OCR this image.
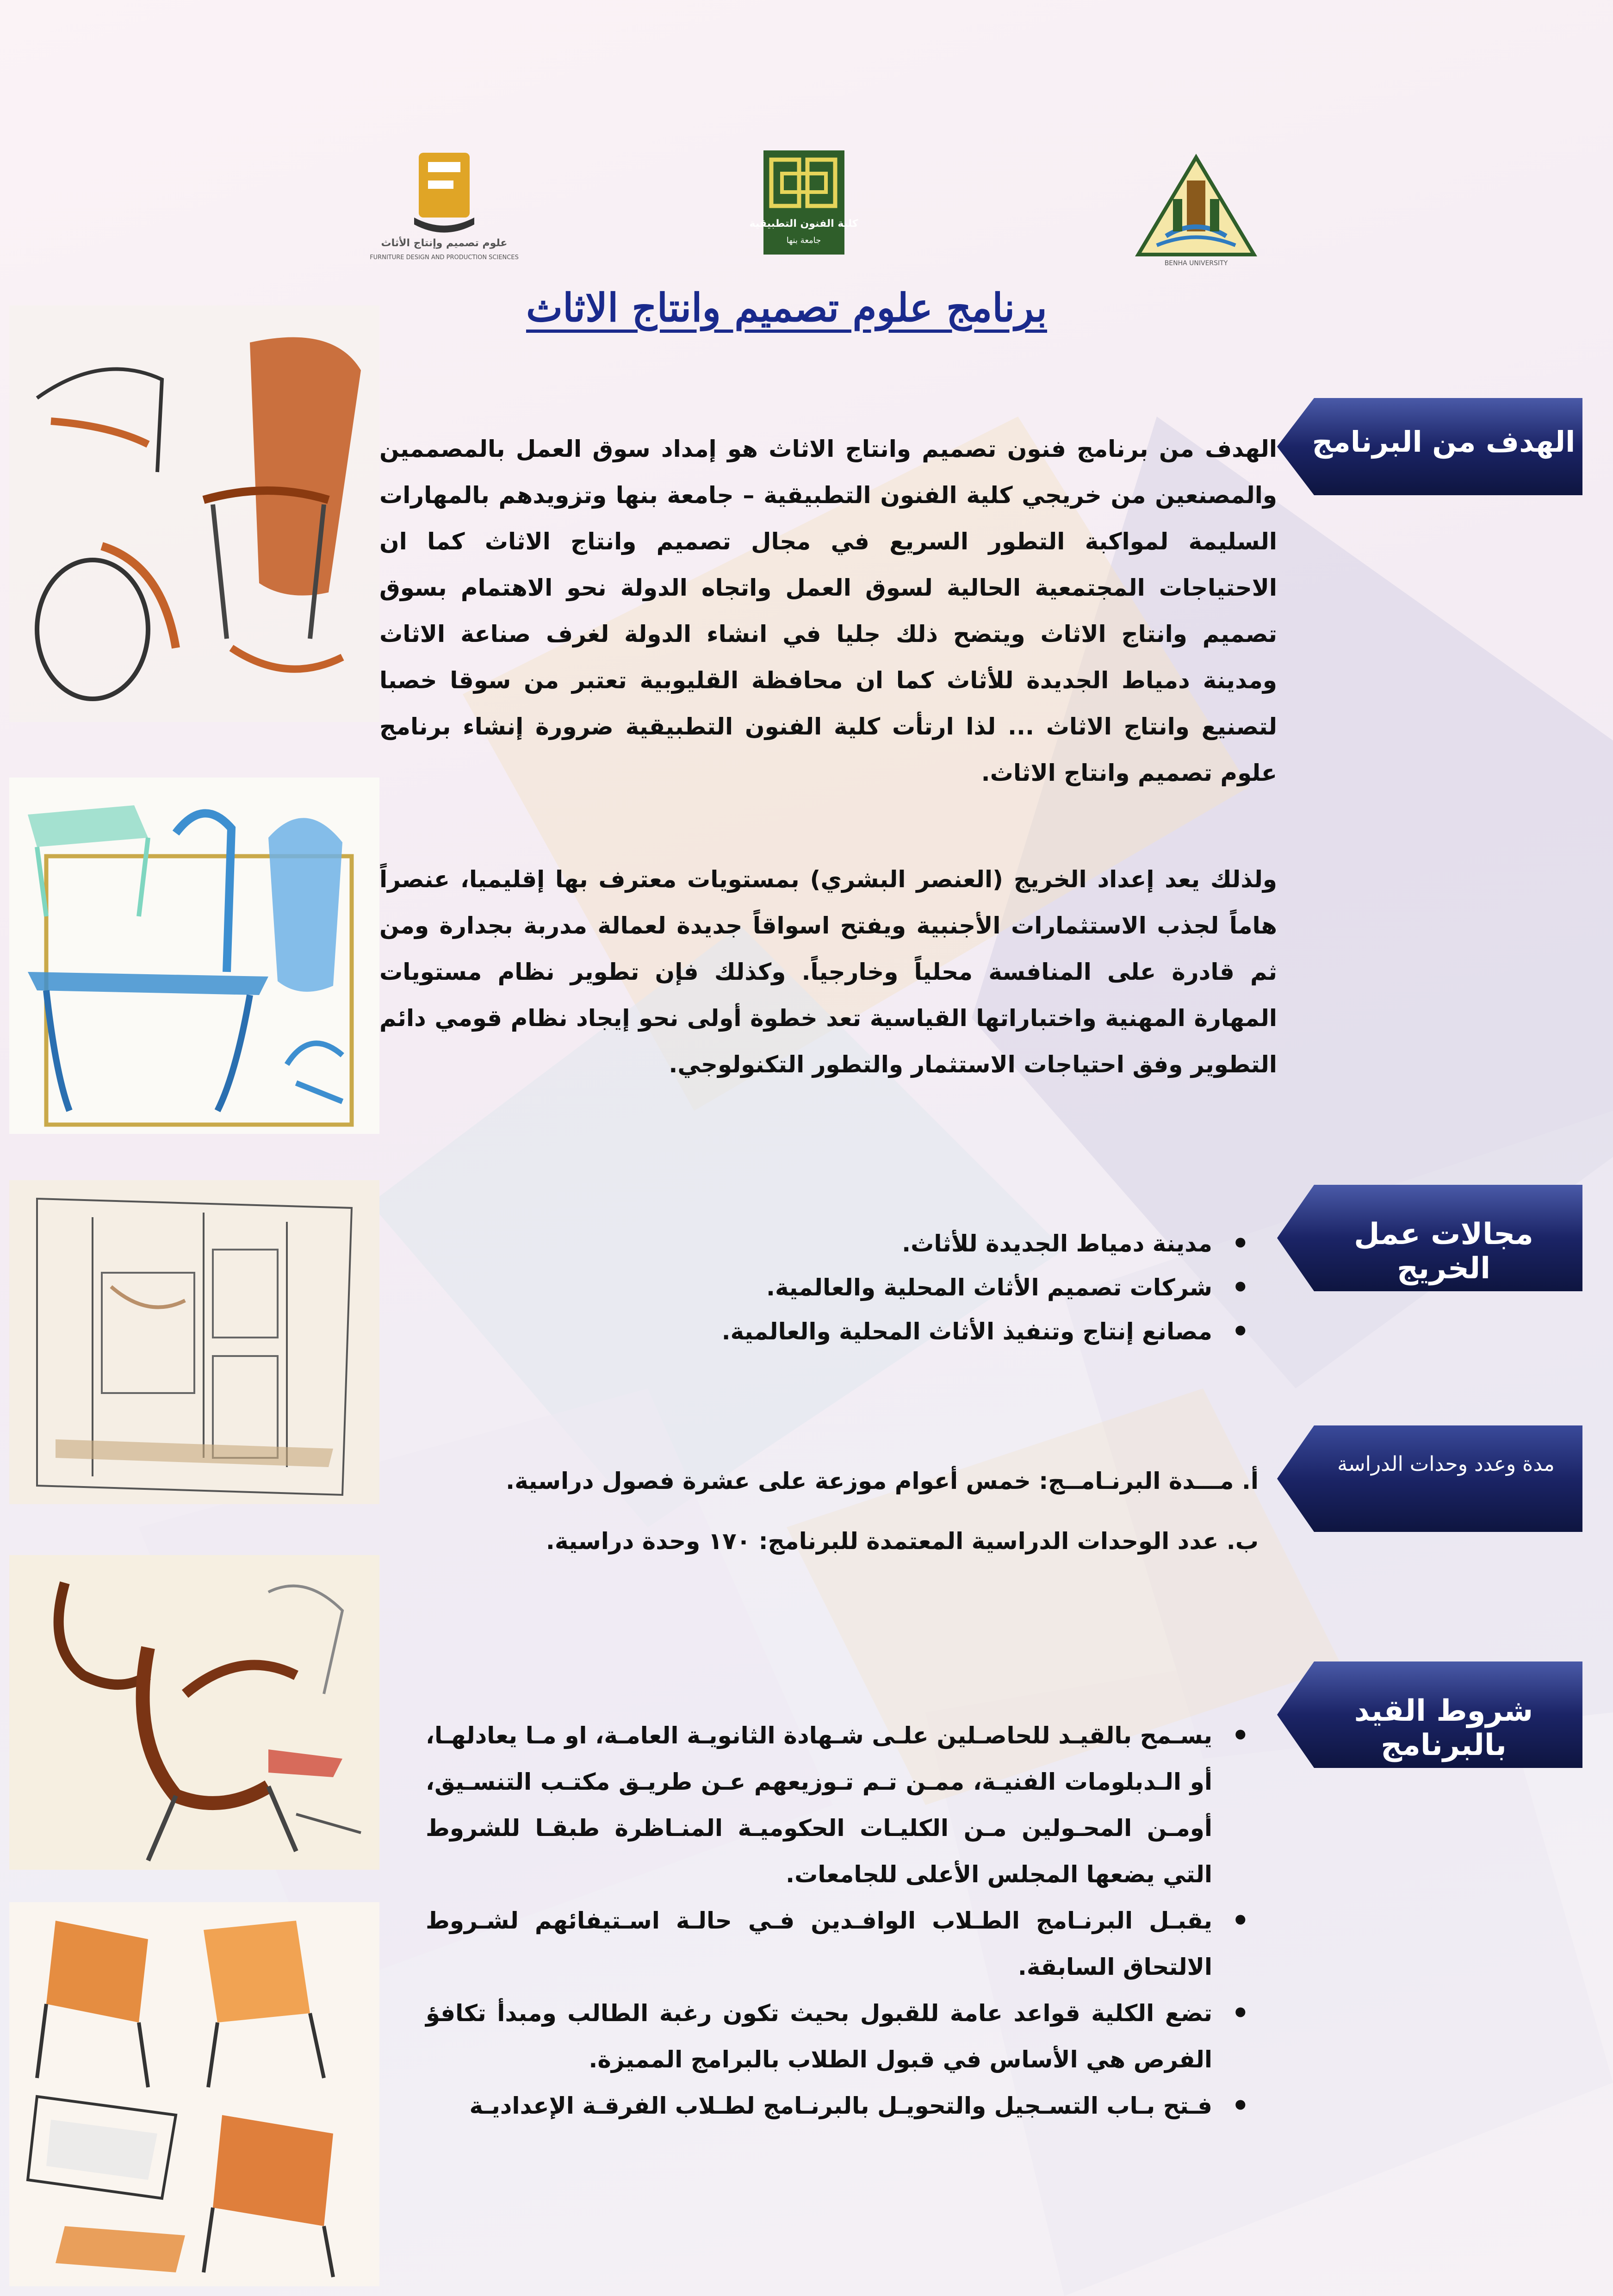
علوم تصميم وإنتاج الأثاث
FURNITURE DESIGN AND PRODUCTION SCIENCES
كلية الفنون التطبيقية
جامعة بنها
BENHA UNIVERSITY
برنامج علوم تصميم وانتاج الاثاث
الهدف من البرنامج
الهدف من برنامج فنون تصميم وانتاج الاثاث هو إمداد سوق العمل بالمصممين والمصنعين من خريجي كلية الفنون التطبيقية – جامعة بنها وتزويدهم بالمهارات السليمة لمواكبة التطور السريع في مجال تصميم وانتاج الاثاث كما ان الاحتياجات المجتمعية الحالية لسوق العمل واتجاه الدولة نحو الاهتمام بسوق تصميم وانتاج الاثاث ويتضح ذلك جليا في انشاء الدولة لغرف صناعة الاثاث ومدينة دمياط الجديدة للأثاث كما ان محافظة القليوبية تعتبر من سوقا خصبا لتصنيع وانتاج الاثاث ... لذا ارتأت كلية الفنون التطبيقية ضرورة إنشاء برنامج علوم تصميم وانتاج الاثاث.
ولذلك يعد إعداد الخريج (العنصر البشري) بمستويات معترف بها إقليميا، عنصراً هاماً لجذب الاستثمارات الأجنبية ويفتح اسواقاً جديدة لعمالة مدربة بجدارة ومن ثم قادرة على المنافسة محلياً وخارجياً. وكذلك فإن تطوير نظام مستويات المهارة المهنية واختباراتها القياسية تعد خطوة أولى نحو إيجاد نظام قومي دائم التطوير وفق احتياجات الاستثمار والتطور التكنولوجي.
مجالات عمل الخريج
• مدينة دمياط الجديدة للأثاث.
• شركات تصميم الأثاث المحلية والعالمية.
• مصانع إنتاج وتنفيذ الأثاث المحلية والعالمية.
مدة وعدد وحدات الدراسة
أ. مـــدة البرنـامــج: خمس أعوام موزعة على عشرة فصول دراسية.
ب. عدد الوحدات الدراسية المعتمدة للبرنامج: ١٧٠ وحدة دراسية.
شروط القيد بالبرنامج
• يسـمح بالقيـد للحاصـلين علـى شـهادة الثانويـة العامـة، او مـا يعادلهـا، أو الـدبلومات الفنيـة، ممـن تـم تـوزيعهم عـن طريـق مكتـب التنسـيق، أومـن المحـولين مـن الكليـات الحكوميـة المنـاظرة طبقـا للشروط التي يضعها المجلس الأعلى للجامعات.
• يقبـل البرنـامج الطـلاب الوافـدين فـي حالـة اسـتيفائهم لشـروط الالتحاق السابقة.
• تضع الكلية قواعد عامة للقبول بحيث تكون رغبة الطالب ومبدأ تكافؤ الفرص هي الأساس في قبول الطلاب بالبرامج المميزة.
• فـتح بـاب التسـجيل والتحويـل بالبرنـامج لطـلاب الفرقـة الإعداديـة
